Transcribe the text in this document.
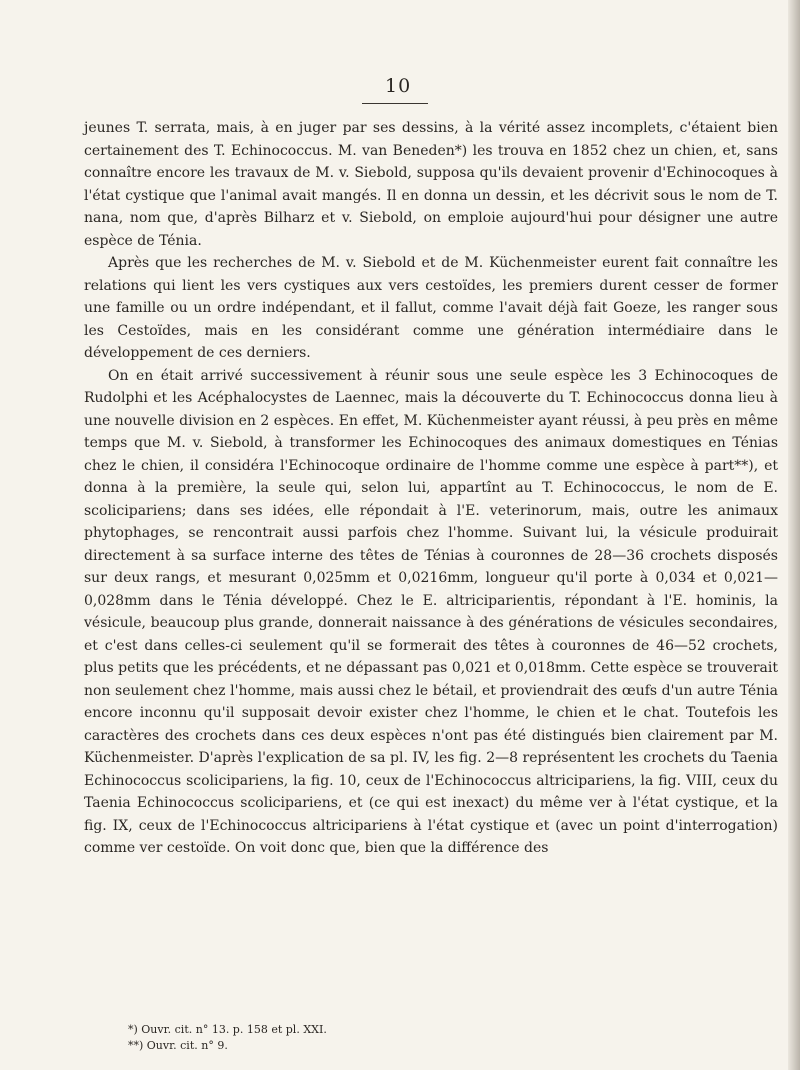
10

jeunes T. serrata, mais, à en juger par ses dessins, à la vérité assez incomplets, c'étaient bien certainement des T. Echinococcus. M. van Beneden*) les trouva en 1852 chez un chien, et, sans connaître encore les travaux de M. v. Siebold, supposa qu'ils devaient provenir d'Echinocoques à l'état cystique que l'animal avait mangés. Il en donna un dessin, et les décrivit sous le nom de T. nana, nom que, d'après Bilharz et v. Siebold, on emploie aujourd'hui pour désigner une autre espèce de Ténia.

Après que les recherches de M. v. Siebold et de M. Küchenmeister eurent fait connaître les relations qui lient les vers cystiques aux vers cestoïdes, les premiers durent cesser de former une famille ou un ordre indépendant, et il fallut, comme l'avait déjà fait Goeze, les ranger sous les Cestoïdes, mais en les considérant comme une génération intermédiaire dans le développement de ces derniers.

On en était arrivé successivement à réunir sous une seule espèce les 3 Echinocoques de Rudolphi et les Acéphalocystes de Laennec, mais la découverte du T. Echinococcus donna lieu à une nouvelle division en 2 espèces. En effet, M. Küchenmeister ayant réussi, à peu près en même temps que M. v. Siebold, à transformer les Echinocoques des animaux domestiques en Ténias chez le chien, il considéra l'Echinocoque ordinaire de l'homme comme une espèce à part**), et donna à la première, la seule qui, selon lui, appartînt au T. Echinococcus, le nom de E. scolicipariens; dans ses idées, elle répondait à l'E. veterinorum, mais, outre les animaux phytophages, se rencontrait aussi parfois chez l'homme. Suivant lui, la vésicule produirait directement à sa surface interne des têtes de Ténias à couronnes de 28—36 crochets disposés sur deux rangs, et mesurant 0,025mm et 0,0216mm, longueur qu'il porte à 0,034 et 0,021—0,028mm dans le Ténia développé. Chez le E. altriciparientis, répondant à l'E. hominis, la vésicule, beaucoup plus grande, donnerait naissance à des générations de vésicules secondaires, et c'est dans celles-ci seulement qu'il se formerait des têtes à couronnes de 46—52 crochets, plus petits que les précédents, et ne dépassant pas 0,021 et 0,018mm. Cette espèce se trouverait non seulement chez l'homme, mais aussi chez le bétail, et proviendrait des œufs d'un autre Ténia encore inconnu qu'il supposait devoir exister chez l'homme, le chien et le chat. Toutefois les caractères des crochets dans ces deux espèces n'ont pas été distingués bien clairement par M. Küchenmeister. D'après l'explication de sa pl. IV, les fig. 2—8 représentent les crochets du Taenia Echinococcus scolicipariens, la fig. 10, ceux de l'Echinococcus altricipariens, la fig. VIII, ceux du Taenia Echinococcus scolicipariens, et (ce qui est inexact) du même ver à l'état cystique, et la fig. IX, ceux de l'Echinococcus altricipariens à l'état cystique et (avec un point d'interrogation) comme ver cestoïde. On voit donc que, bien que la différence des

*) Ouvr. cit. n° 13. p. 158 et pl. XXI.
**) Ouvr. cit. n° 9.
